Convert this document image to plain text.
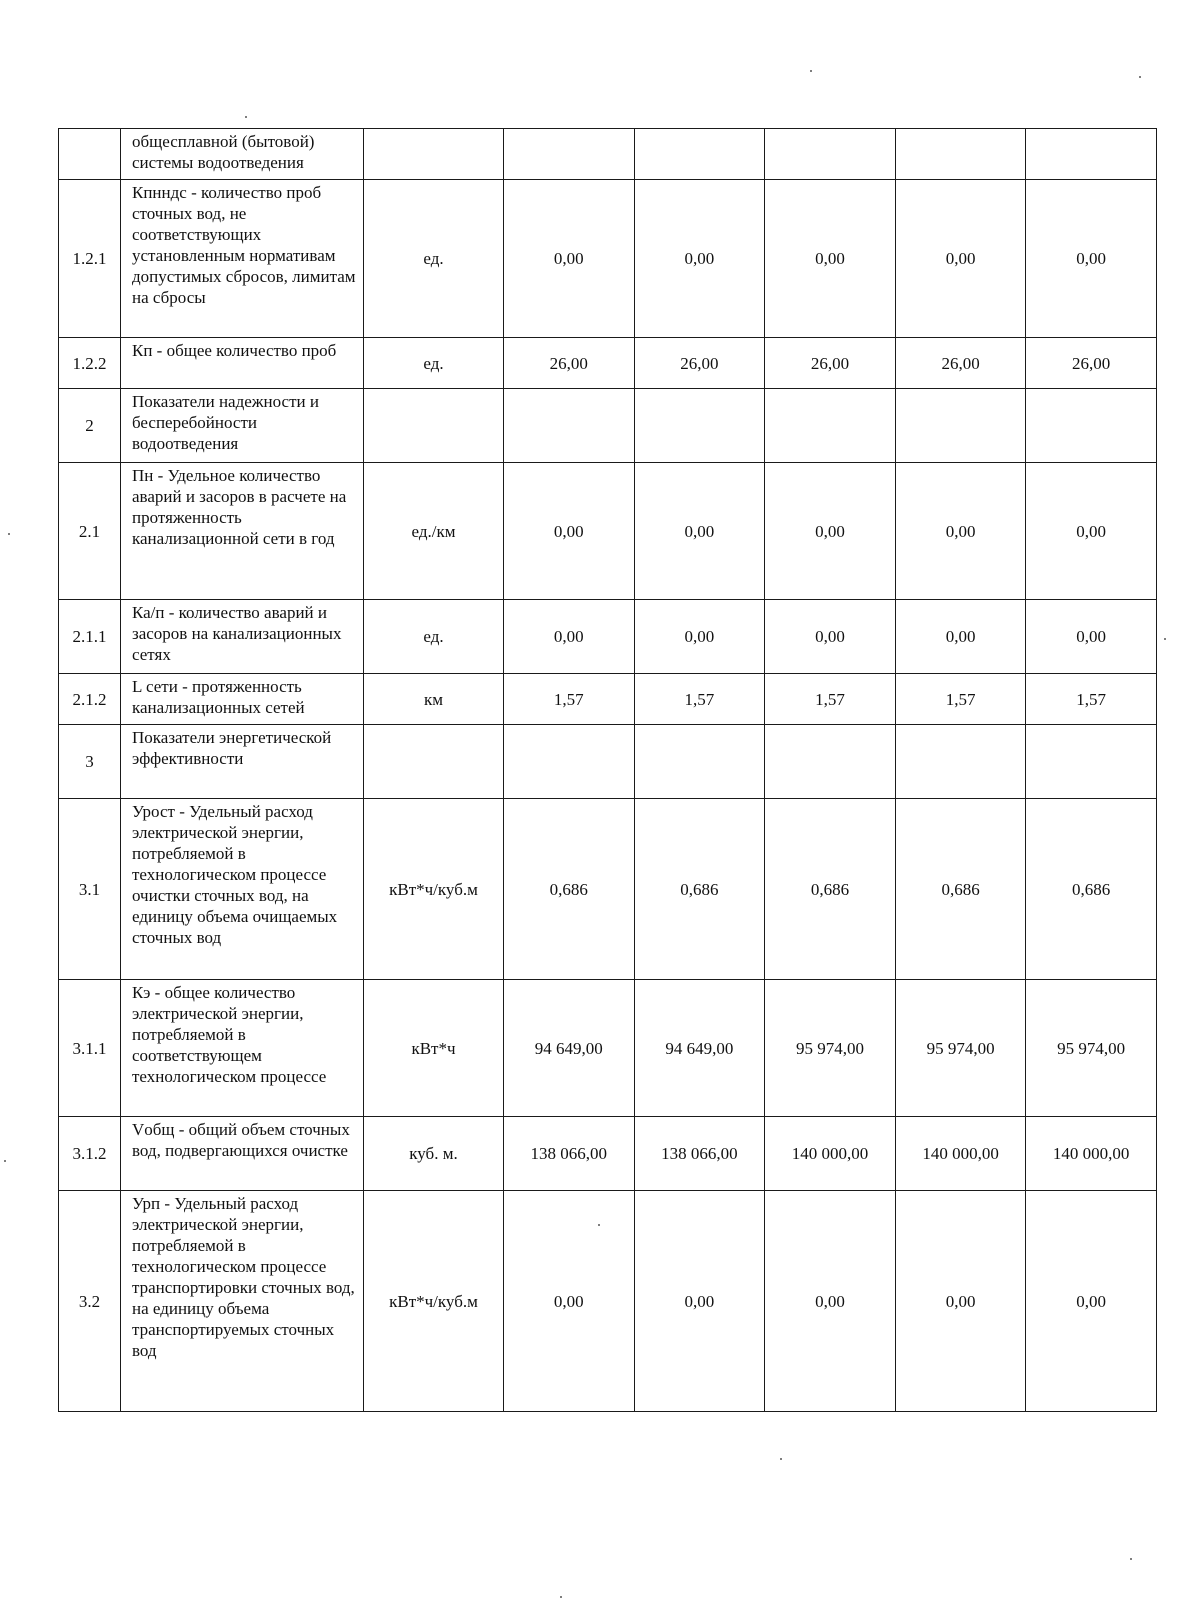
	общесплавной (бытовой) системы водоотведения						
1.2.1	Кпнндс - количество проб сточных вод, не соответствующих установленным нормативам допустимых сбросов, лимитам на сбросы	ед.	0,00	0,00	0,00	0,00	0,00
1.2.2	Кп - общее количество проб	ед.	26,00	26,00	26,00	26,00	26,00
2	Показатели надежности и бесперебойности водоотведения						
2.1	Пн - Удельное количество аварий и засоров в расчете на протяженность канализационной сети в год	ед./км	0,00	0,00	0,00	0,00	0,00
2.1.1	Ка/п - количество аварий и засоров на канализационных сетях	ед.	0,00	0,00	0,00	0,00	0,00
2.1.2	L сети - протяженность канализационных сетей	км	1,57	1,57	1,57	1,57	1,57
3	Показатели энергетической эффективности						
3.1	Урост - Удельный расход электрической энергии, потребляемой в технологическом процессе очистки сточных вод, на единицу объема очищаемых сточных вод	кВт*ч/куб.м	0,686	0,686	0,686	0,686	0,686
3.1.1	Кэ - общее количество электрической энергии, потребляемой в соответствующем технологическом процессе	кВт*ч	94 649,00	94 649,00	95 974,00	95 974,00	95 974,00
3.1.2	Vобщ - общий объем сточных вод, подвергающихся очистке	куб. м.	138 066,00	138 066,00	140 000,00	140 000,00	140 000,00
3.2	Урп - Удельный расход электрической энергии, потребляемой в технологическом процессе транспортировки сточных вод, на единицу объема транспортируемых сточных вод	кВт*ч/куб.м	0,00	0,00	0,00	0,00	0,00
